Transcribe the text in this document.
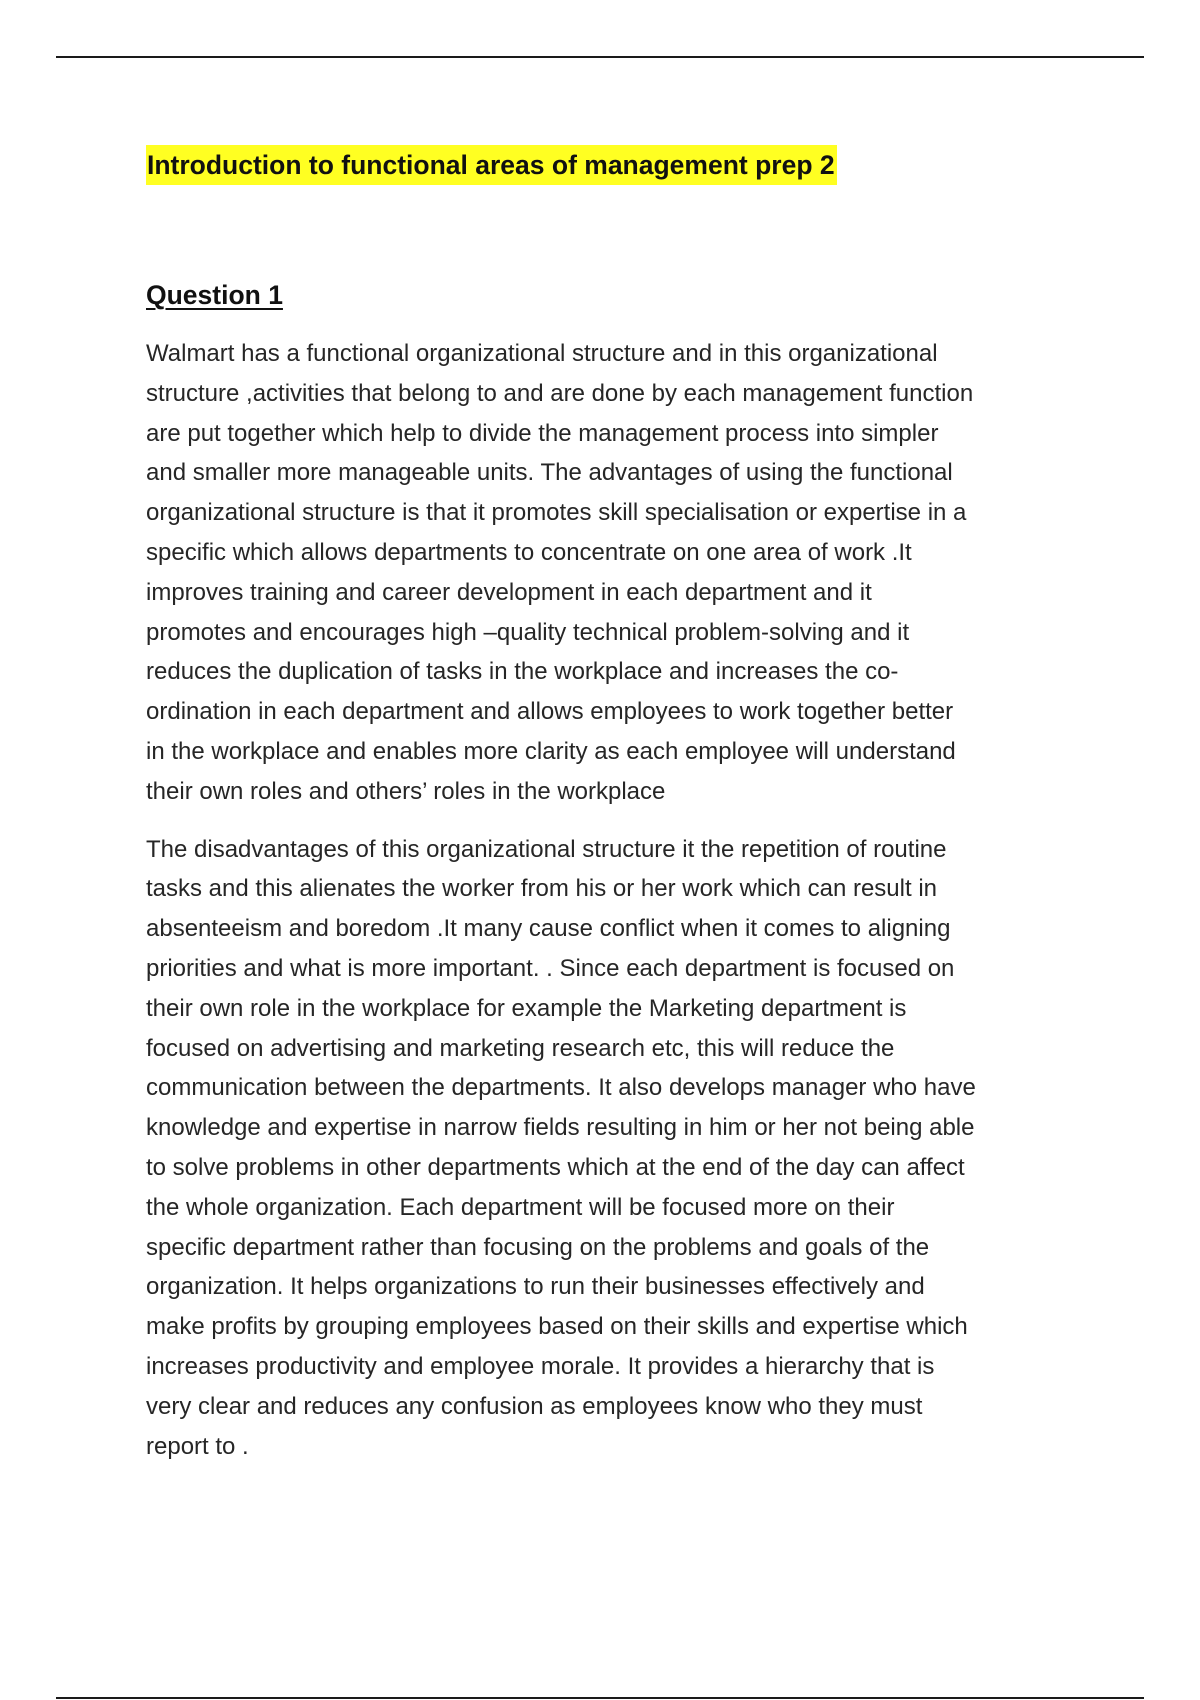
Introduction to functional areas of management prep 2
Question 1

Walmart has a functional organizational structure and in this organizational
structure ,activities that belong to and are done by each management function
are put together which help to divide the management process into simpler
and smaller more manageable units. The advantages of using the functional
organizational structure is that it promotes skill specialisation or expertise in a
specific which allows departments to concentrate on one area of work .It
improves training and career development in each department and it
promotes and encourages high –quality technical problem-solving and it
reduces the duplication of tasks in the workplace and increases the co-
ordination in each department and allows employees to work together better
in the workplace and enables more clarity as each employee will understand
their own roles and others’ roles in the workplace

The disadvantages of this organizational structure it the repetition of routine
tasks and this alienates the worker from his or her work which can result in
absenteeism and boredom .It many cause conflict when it comes to aligning
priorities and what is more important. . Since each department is focused on
their own role in the workplace for example the Marketing department is
focused on advertising and marketing research etc, this will reduce the
communication between the departments. It also develops manager who have
knowledge and expertise in narrow fields resulting in him or her not being able
to solve problems in other departments which at the end of the day can affect
the whole organization. Each department will be focused more on their
specific department rather than focusing on the problems and goals of the
organization. It helps organizations to run their businesses effectively and
make profits by grouping employees based on their skills and expertise which
increases productivity and employee morale. It provides a hierarchy that is
very clear and reduces any confusion as employees know who they must
report to .
